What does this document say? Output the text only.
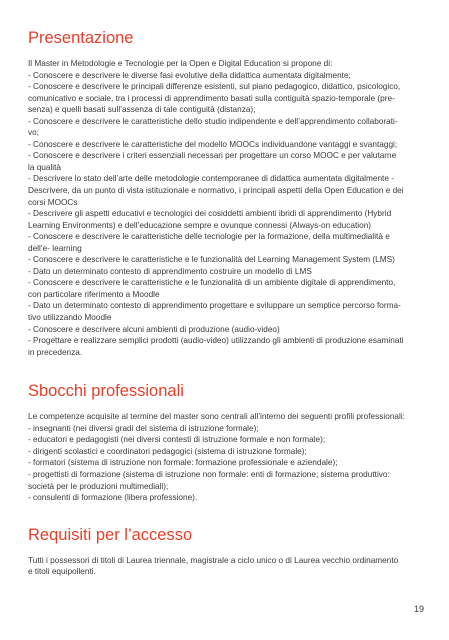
Presentazione

Il Master in Metodologie e Tecnologie per la Open e Digital Education si propone di:

- Conoscere e descrivere le diverse fasi evolutive della didattica aumentata digitalmente;

- Conoscere e descrivere le principali differenze esistenti, sul piano pedagogico, didattico, psicologico,

comunicativo e sociale, tra i processi di apprendimento basati sulla contiguità spazio-temporale (pre-

senza) e quelli basati sull’assenza di tale contiguità (distanza);

- Conoscere e descrivere le caratteristiche dello studio indipendente e dell’apprendimento collaborati-

vo;

- Conoscere e descrivere le caratteristiche del modello MOOCs individuandone vantaggi e svantaggi;

- Conoscere e descrivere i criteri essenziali necessari per progettare un corso MOOC e per valutarne

la qualità

- Descrivere lo stato dell’arte delle metodologie contemporanee di didattica aumentata digitalmente -

Descrivere, da un punto di vista istituzionale e normativo, i principali aspetti della Open Education e dei

corsi MOOCs

- Descrivere gli aspetti educativi e tecnologici dei cosiddetti ambienti ibridi di apprendimento (Hybrid

Learning Environments) e dell’educazione sempre e ovunque connessi (Always-on education)

- Conoscere e descrivere le caratteristiche delle tecnologie per la formazione, della multimedialità e

dell’e- learning

- Conoscere e descrivere le caratteristiche e le funzionalità del Learning Management System (LMS)

- Dato un determinato contesto di apprendimento costruire un modello di LMS

- Conoscere e descrivere le caratteristiche e le funzionalità di un ambiente digitale di apprendimento,

con particolare riferimento a Moodle

- Dato un determinato contesto di apprendimento progettare e sviluppare un semplice percorso forma-

tivo utilizzando Moodle

- Conoscere e descrivere alcuni ambienti di produzione (audio-video)

- Progettare e realizzare semplici prodotti (audio-video) utilizzando gli ambienti di produzione esaminati

in precedenza.

Sbocchi professionali

Le competenze acquisite al termine del master sono centrali all’interno dei seguenti profili professionali:

- insegnanti (nei diversi gradi del sistema di istruzione formale);

- educatori e pedagogisti (nei diversi contesti di istruzione formale e non formale);

- dirigenti scolastici e coordinatori pedagogici (sistema di istruzione formale);

- formatori (sistema di istruzione non formale: formazione professionale e aziendale);

- progettisti di formazione (sistema di istruzione non formale: enti di formazione; sistema produttivo:

società per le produzioni multimediali);

- consulenti di formazione (libera professione).

Requisiti per l’accesso

Tutti i possessori di titoli di Laurea triennale, magistrale a ciclo unico o di Laurea vecchio ordinamento

e titoli equipollenti.

19
